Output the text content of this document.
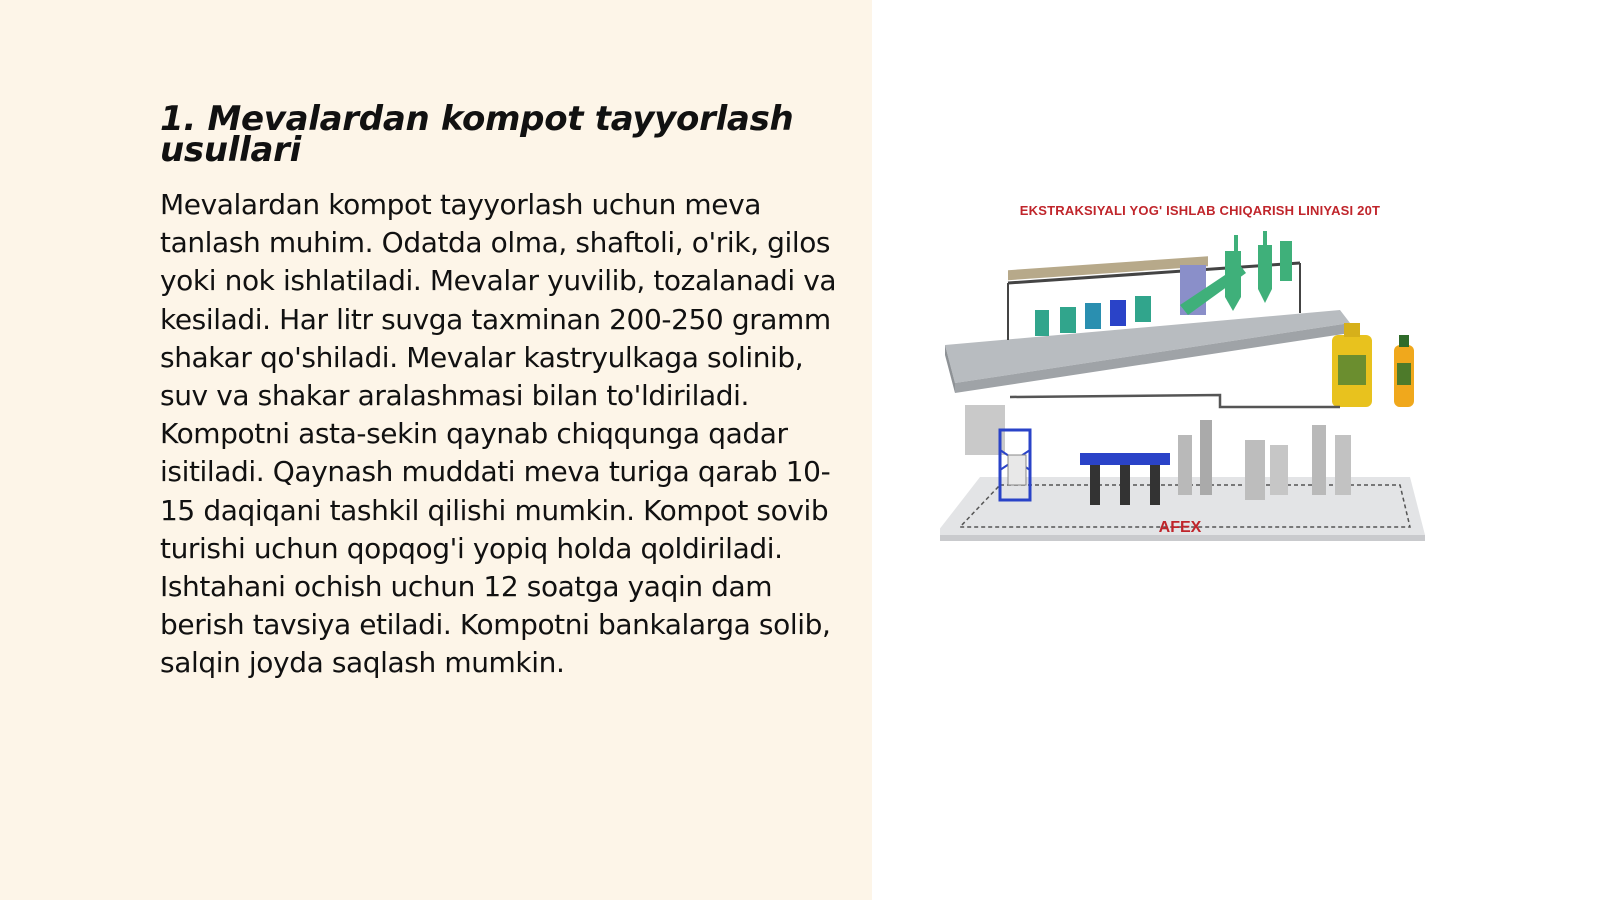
1. Mevalardan kompot tayyorlash usullari

Mevalardan kompot tayyorlash uchun meva tanlash muhim. Odatda olma, shaftoli, o'rik, gilos yoki nok ishlatiladi. Mevalar yuvilib, tozalanadi va kesiladi. Har litr suvga taxminan 200-250 gramm shakar qo'shiladi. Mevalar kastryulkaga solinib, suv va shakar aralashmasi bilan to'ldiriladi. Kompotni asta-sekin qaynab chiqqunga qadar isitiladi. Qaynash muddati meva turiga qarab 10-15 daqiqani tashkil qilishi mumkin. Kompot sovib turishi uchun qopqog'i yopiq holda qoldiriladi. Ishtahani ochish uchun 12 soatga yaqin dam berish tavsiya etiladi. Kompotni bankalarga solib, salqin joyda saqlash mumkin.

EKSTRAKSIYALI YOG' ISHLAB CHIQARISH LINIYASI 20T
AFEX
